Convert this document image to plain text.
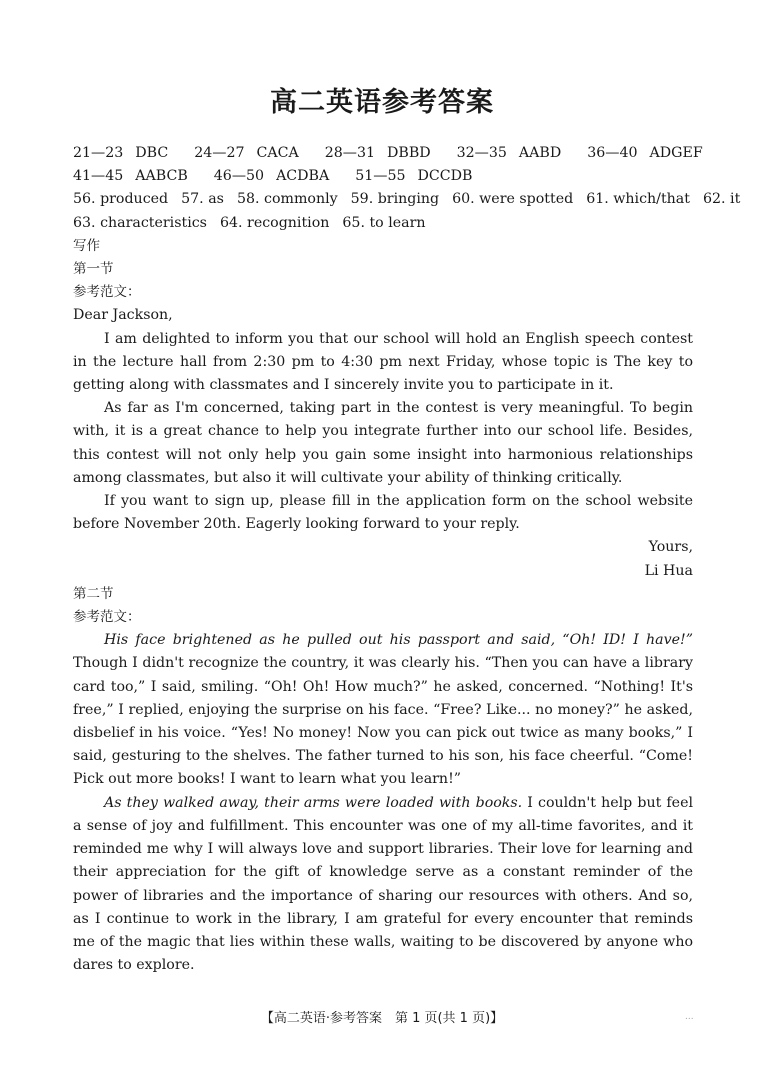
高二英语参考答案
21—23 DBC 24—27 CACA 28—31 DBBD 32—35 AABD 36—40 ADGEF
41—45 AABCB 46—50 ACDBA 51—55 DCCDB
56. produced 57. as 58. commonly 59. bringing 60. were spotted 61. which/that 62. it
63. characteristics 64. recognition 65. to learn
写作
第一节
参考范文：

Dear Jackson,

I am delighted to inform you that our school will hold an English speech contest in the lecture hall from 2:30 pm to 4:30 pm next Friday, whose topic is The key to getting along with classmates and I sincerely invite you to participate in it.

As far as I'm concerned, taking part in the contest is very meaningful. To begin with, it is a great chance to help you integrate further into our school life. Besides, this contest will not only help you gain some insight into harmonious relationships among classmates, but also it will cultivate your ability of thinking critically.

If you want to sign up, please fill in the application form on the school website before November 20th. Eagerly looking forward to your reply.

Yours,

Li Hua

第二节
参考范文：

His face brightened as he pulled out his passport and said, “Oh! ID! I have!” Though I didn't recognize the country, it was clearly his. “Then you can have a library card too,” I said, smiling. “Oh! Oh! How much?” he asked, concerned. “Nothing! It's free,” I replied, enjoying the surprise on his face. “Free? Like... no money?” he asked, disbelief in his voice. “Yes! No money! Now you can pick out twice as many books,” I said, gesturing to the shelves. The father turned to his son, his face cheerful. “Come! Pick out more books! I want to learn what you learn!”

As they walked away, their arms were loaded with books. I couldn't help but feel a sense of joy and fulfillment. This encounter was one of my all-time favorites, and it reminded me why I will always love and support libraries. Their love for learning and their appreciation for the gift of knowledge serve as a constant reminder of the power of libraries and the importance of sharing our resources with others. And so, as I continue to work in the library, I am grateful for every encounter that reminds me of the magic that lies within these walls, waiting to be discovered by anyone who dares to explore.

【高二英语·参考答案　第 1 页(共 1 页)】	...
